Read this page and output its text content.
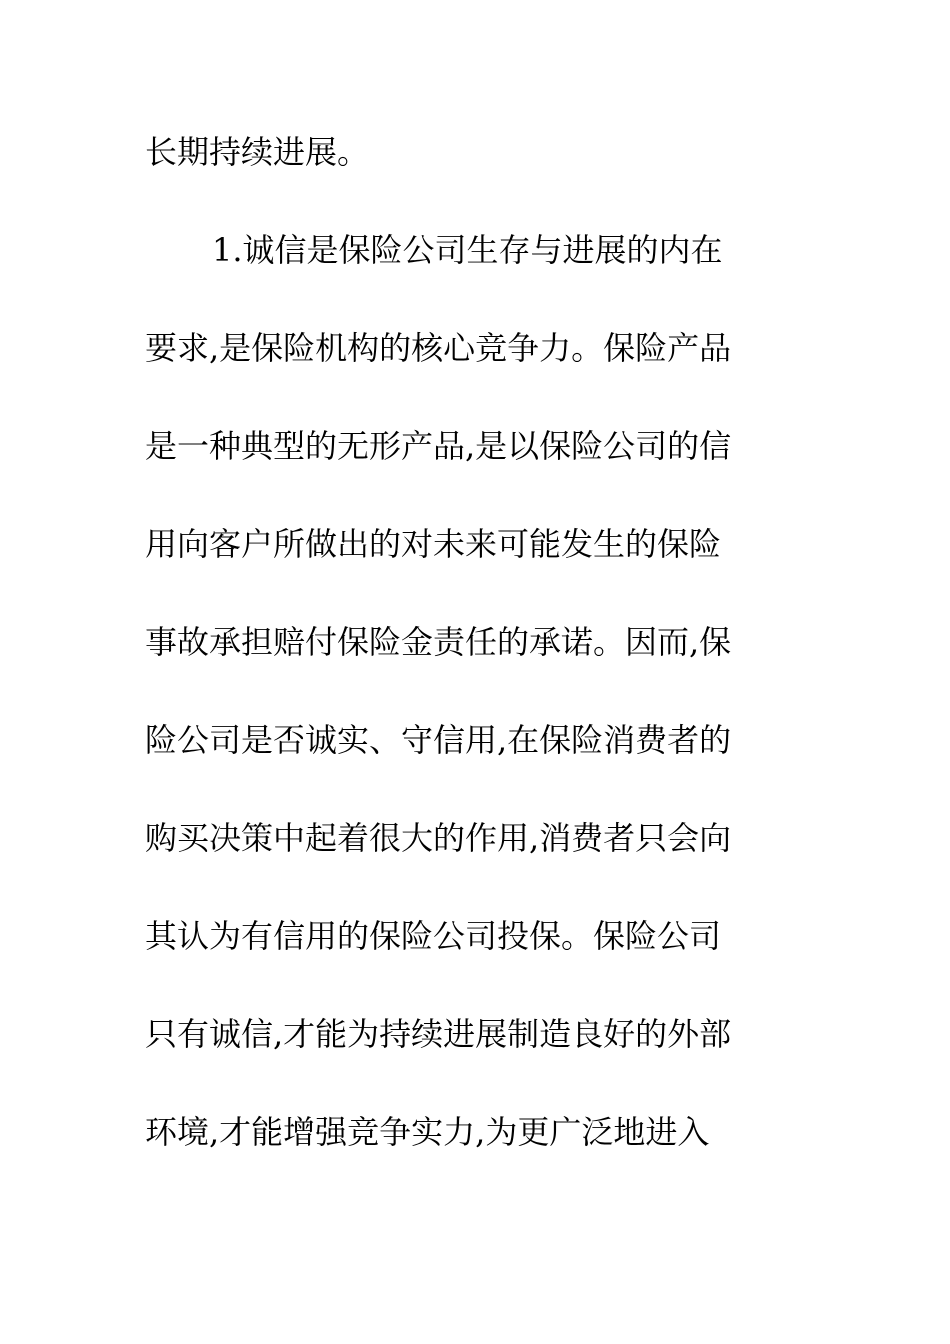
长期持续进展。
1.诚信是保险公司生存与进展的内在
要求,是保险机构的核心竞争力。保险产品
是一种典型的无形产品,是以保险公司的信
用向客户所做出的对未来可能发生的保险
事故承担赔付保险金责任的承诺。因而,保
险公司是否诚实、守信用,在保险消费者的
购买决策中起着很大的作用,消费者只会向
其认为有信用的保险公司投保。保险公司
只有诚信,才能为持续进展制造良好的外部
环境,才能增强竞争实力,为更广泛地进入
